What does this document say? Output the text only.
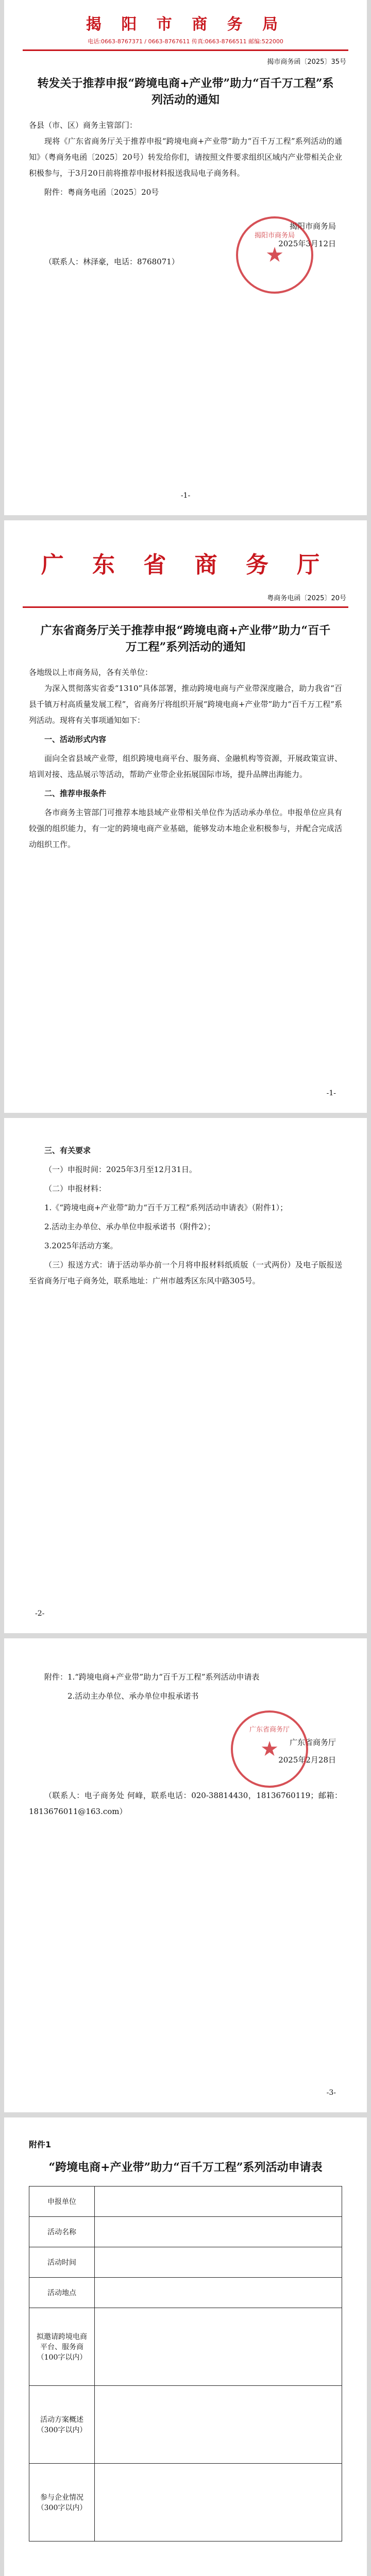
揭 阳 市 商 务 局
电话:0663-8767371 / 0663-8767611 传真:0663-8766511 邮编:522000
揭市商务函〔2025〕35号
转发关于推荐申报“跨境电商+产业带”助力“百千万工程”系列活动的通知
各县（市、区）商务主管部门：
现将《广东省商务厅关于推荐申报“跨境电商+产业带”助力“百千万工程”系列活动的通知》（粤商务电函〔2025〕20号）转发给你们，请按照文件要求组织区域内产业带相关企业积极参与，于3月20日前将推荐申报材料报送我局电子商务科。
附件：粤商务电函〔2025〕20号
揭阳市商务局
2025年3月12日
（联系人：林泽豪，电话：8768071）
揭阳市商务局
★
-1-
广 东 省 商 务 厅
粤商务电函〔2025〕20号
广东省商务厅关于推荐申报“跨境电商+产业带”助力“百千万工程”系列活动的通知
各地级以上市商务局，各有关单位：
为深入贯彻落实省委“1310”具体部署，推动跨境电商与产业带深度融合，助力我省“百县千镇万村高质量发展工程”，省商务厅将组织开展“跨境电商+产业带”助力“百千万工程”系列活动。现将有关事项通知如下：
一、活动形式内容
面向全省县域产业带，组织跨境电商平台、服务商、金融机构等资源，开展政策宣讲、培训对接、选品展示等活动，帮助产业带企业拓展国际市场，提升品牌出海能力。
二、推荐申报条件
各市商务主管部门可推荐本地县域产业带相关单位作为活动承办单位。申报单位应具有较强的组织能力，有一定的跨境电商产业基础，能够发动本地企业积极参与，并配合完成活动组织工作。
-1-
三、有关要求
（一）申报时间：2025年3月至12月31日。
（二）申报材料：
1.《“跨境电商+产业带”助力“百千万工程”系列活动申请表》（附件1）；
2.活动主办单位、承办单位申报承诺书（附件2）；
3.2025年活动方案。
（三）报送方式：请于活动举办前一个月将申报材料纸质版（一式两份）及电子版报送至省商务厅电子商务处，联系地址：广州市越秀区东风中路305号。
-2-
附件：1.“跨境电商+产业带”助力“百千万工程”系列活动申请表
2.活动主办单位、承办单位申报承诺书
广东省商务厅
2025年2月28日
（联系人：电子商务处 何峰，联系电话：020-38814430，18136760119；邮箱：1813676011@163.com）
广东省商务厅
★
-3-
附件1
“跨境电商+产业带”助力“百千万工程”系列活动申请表
申报单位	
活动名称	
活动时间	
活动地点	
拟邀请跨境电商平台、服务商（100字以内）	
活动方案概述（300字以内）	
参与企业情况（300字以内）	
